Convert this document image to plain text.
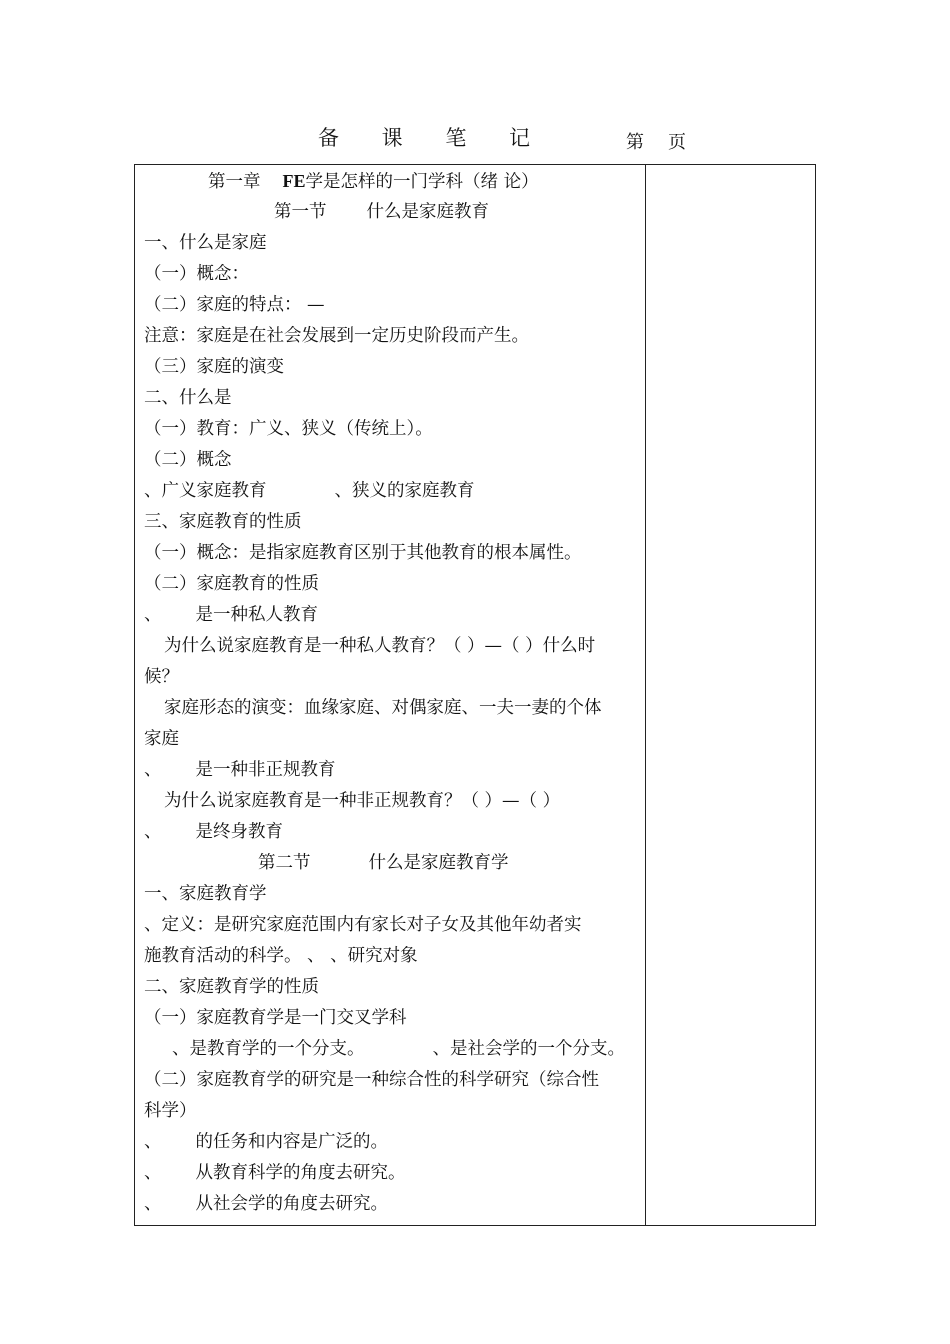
备 课 笔 记	第 页
第一章 FE学是怎样的一门学科（绪 论）
第一节 什么是家庭教育
一、什么是家庭
（一）概念：
（二）家庭的特点： —
注意：家庭是在社会发展到一定历史阶段而产生。
（三）家庭的演变
二、什么是
（一）教育：广义、狭义（传统上）。
（二）概念
、广义家庭教育	、狭义的家庭教育
三、家庭教育的性质
（一）概念：是指家庭教育区别于其他教育的根本属性。
（二）家庭教育的性质
、 是一种私人教育
为什么说家庭教育是一种私人教育？（ ）—（ ）什么时
候？
家庭形态的演变：血缘家庭、对偶家庭、一夫一妻的个体
家庭
、 是一种非正规教育
为什么说家庭教育是一种非正规教育？（ ）—（ ）
、 是终身教育
第二节	什么是家庭教育学
一、家庭教育学
、定义：是研究家庭范围内有家长对子女及其他年幼者实
施教育活动的科学。 、 、研究对象
二、家庭教育学的性质
（一）家庭教育学是一门交叉学科
、是教育学的一个分支。	、是社会学的一个分支。
（二）家庭教育学的研究是一种综合性的科学研究（综合性
科学）
、 的任务和内容是广泛的。
、 从教育科学的角度去研究。
、 从社会学的角度去研究。
